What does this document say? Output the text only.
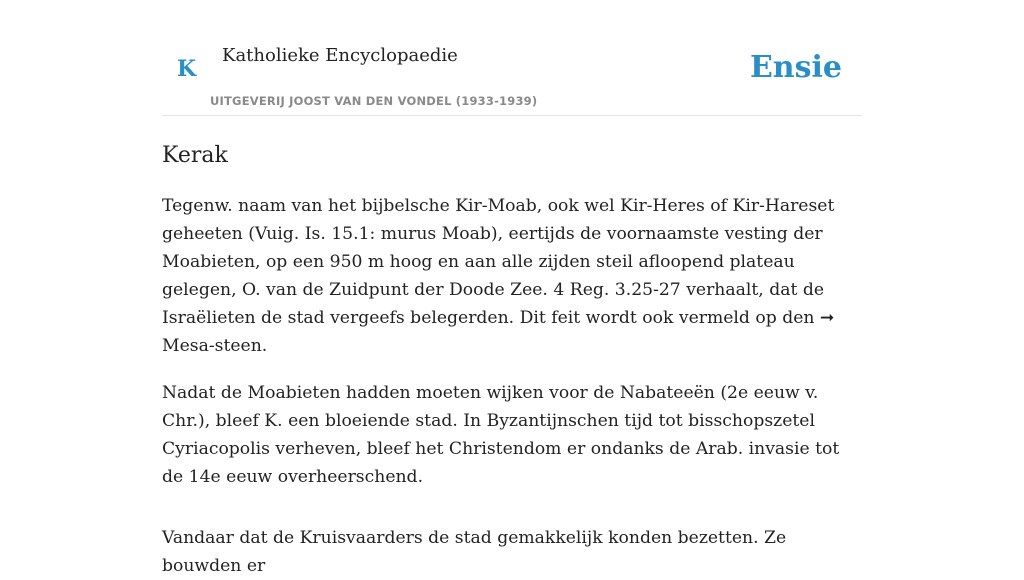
K
Katholieke Encyclopaedie
UITGEVERIJ JOOST VAN DEN VONDEL (1933-1939)
Ensie
Kerak

Tegenw. naam van het bijbelsche Kir-Moab, ook wel Kir-Heres of Kir-Hareset geheeten (Vuig. Is. 15.1: murus Moab), eertijds de voornaamste vesting der Moabieten, op een 950 m hoog en aan alle zijden steil afloopend plateau gelegen, O. van de Zuidpunt der Doode Zee. 4 Reg. 3.25-27 verhaalt, dat de Israëlieten de stad vergeefs belegerden. Dit feit wordt ook vermeld op den ➞ Mesa-steen.

Nadat de Moabieten hadden moeten wijken voor de Nabateeën (2e eeuw v. Chr.), bleef K. een bloeiende stad. In Byzantijnschen tijd tot bisschopszetel Cyriacopolis verheven, bleef het Christendom er ondanks de Arab. invasie tot de 14e eeuw overheerschend.

Vandaar dat de Kruisvaarders de stad gemakkelijk konden bezetten. Ze bouwden er
